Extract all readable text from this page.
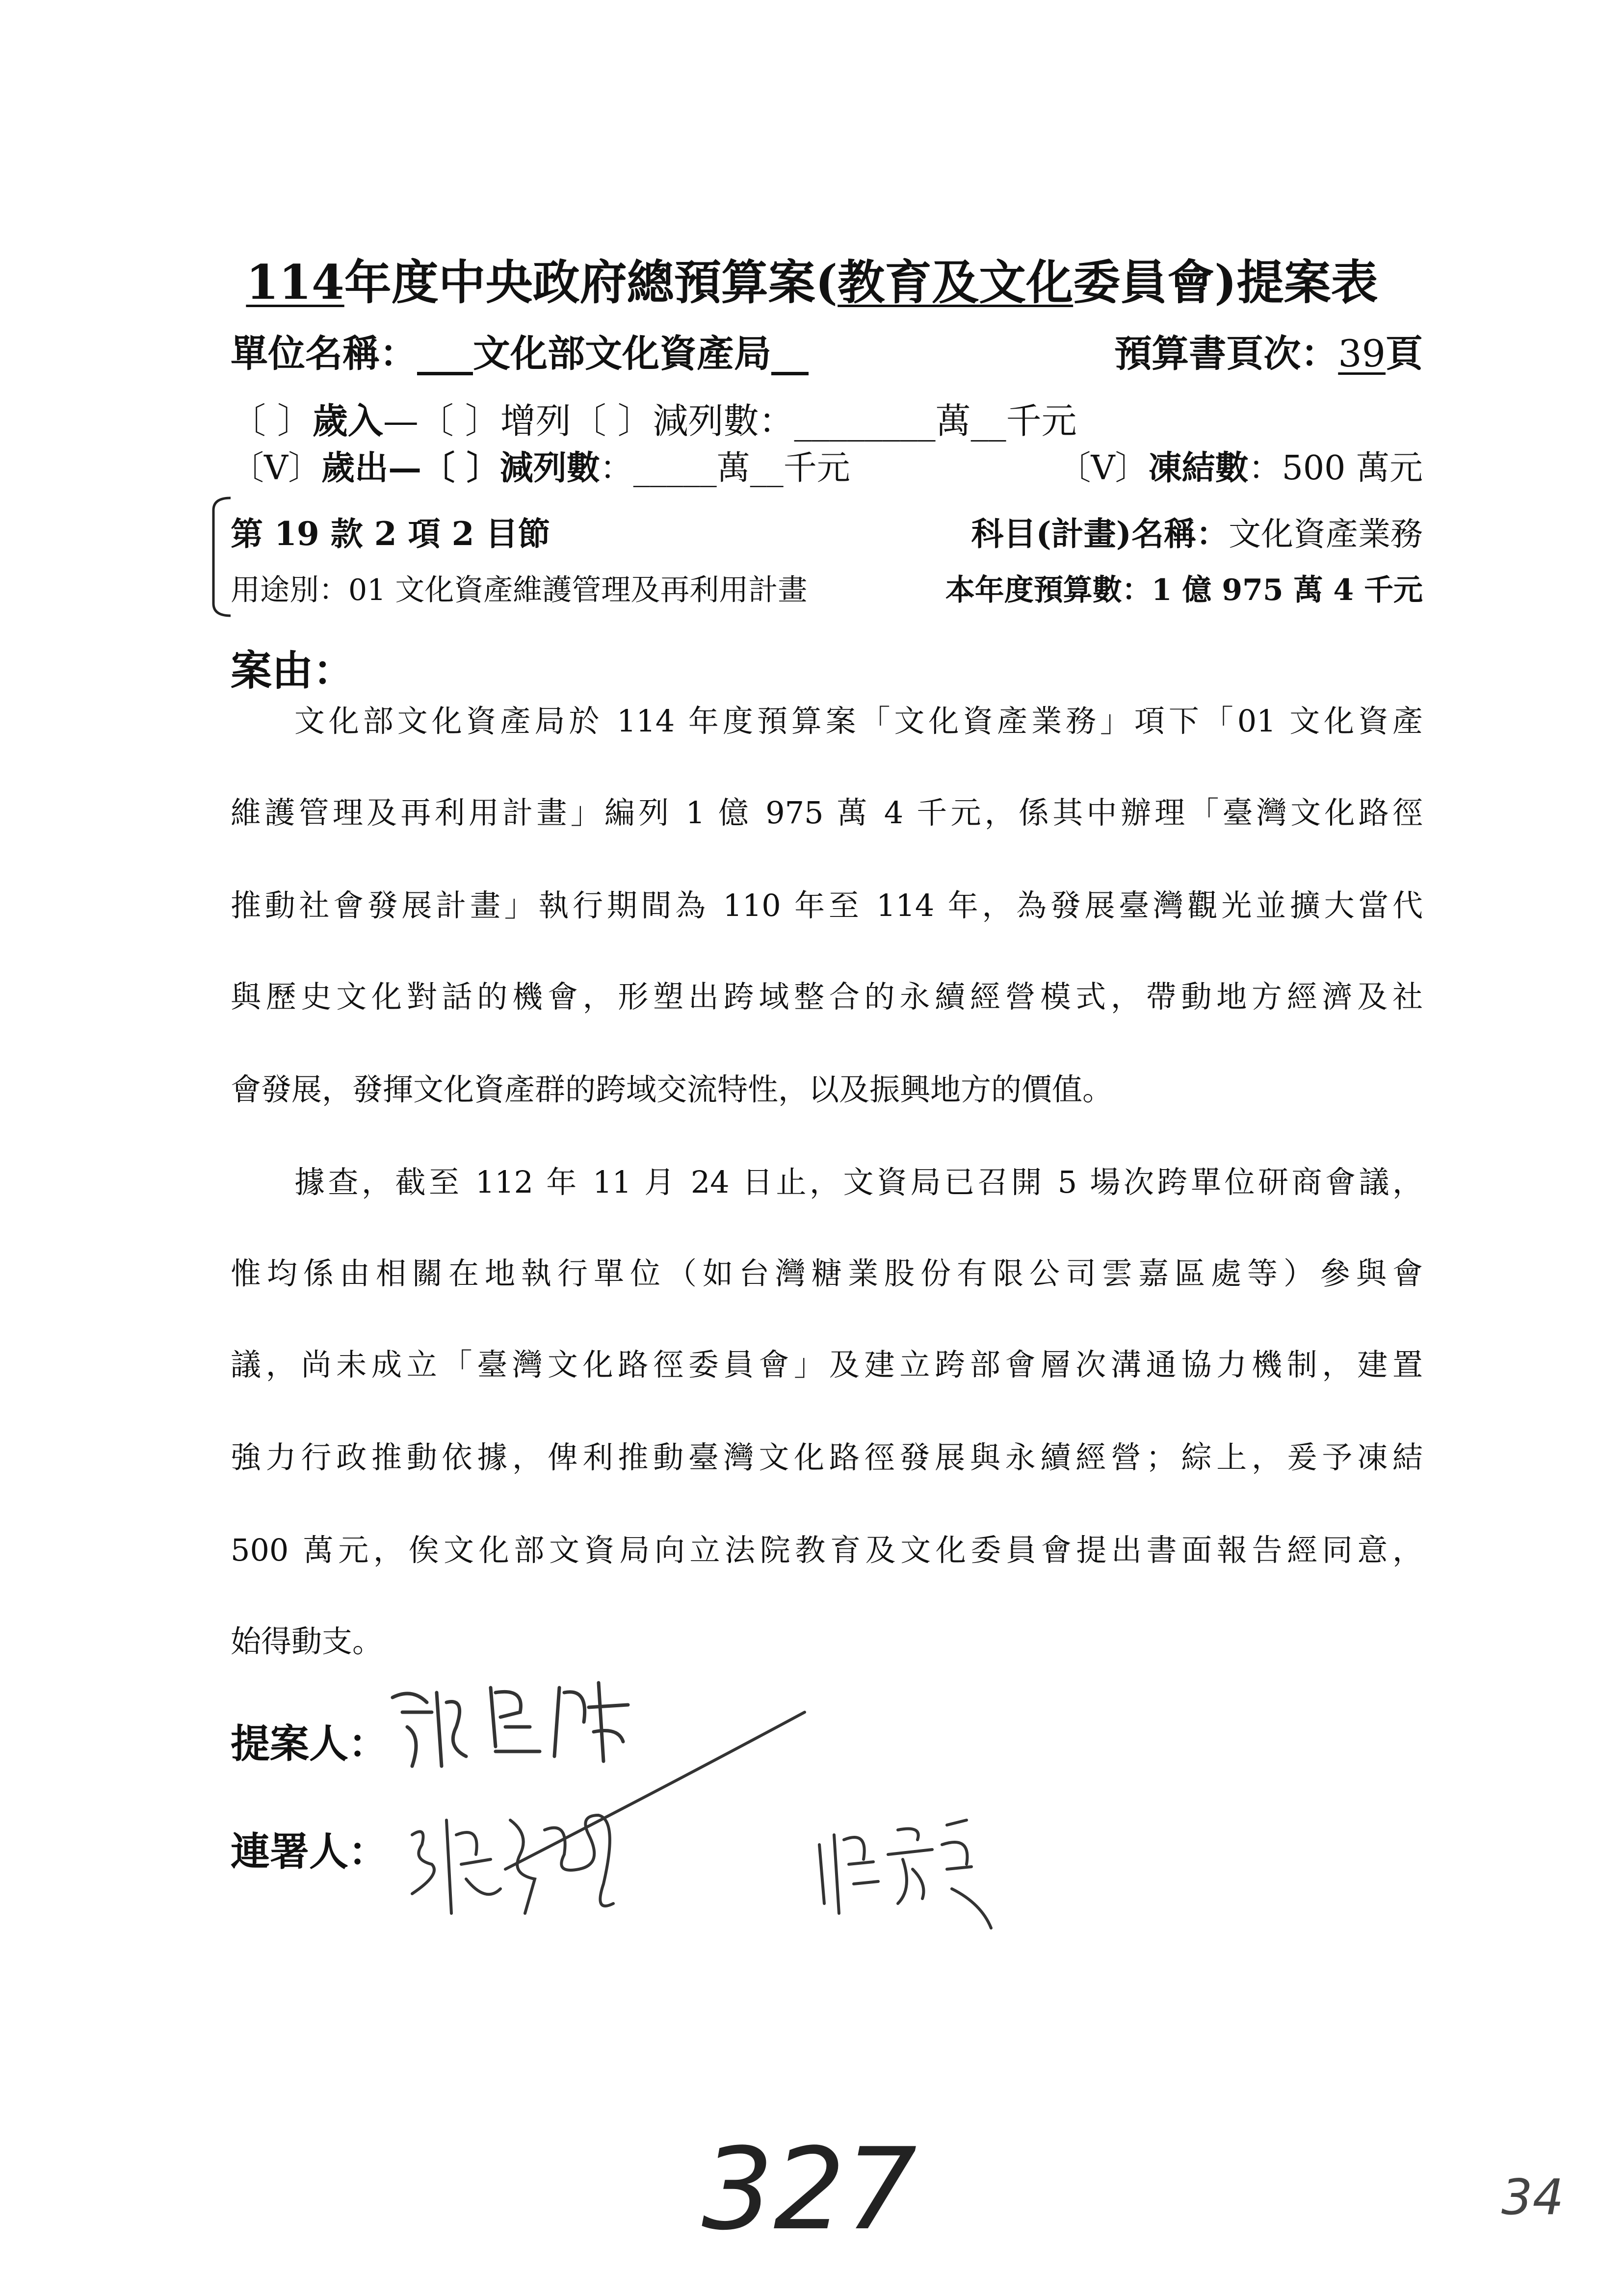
114年度中央政府總預算案(教育及文化委員會)提案表
單位名稱：___文化部文化資產局__	預算書頁次：39頁
〔 〕 歲入 —〔 〕增列〔 〕減列數：________萬__千元
〔V〕歲出—〔 〕減列數：_____萬__千元	〔V〕凍結數：500 萬元
第 19 款 2 項 2 目節	科目(計畫)名稱：文化資產業務
用途別：01 文化資產維護管理及再利用計畫	本年度預算數：1 億 975 萬 4 千元
案由：
文化部文化資產局於 114 年度預算案「文化資產業務」項下「01 文化資產
維護管理及再利用計畫」編列 1 億 975 萬 4 千元，係其中辦理「臺灣文化路徑
推動社會發展計畫」執行期間為 110 年至 114 年，為發展臺灣觀光並擴大當代
與歷史文化對話的機會，形塑出跨域整合的永續經營模式，帶動地方經濟及社
會發展，發揮文化資產群的跨域交流特性，以及振興地方的價值。
據查，截至 112 年 11 月 24 日止，文資局已召開 5 場次跨單位研商會議，
惟均係由相關在地執行單位（如台灣糖業股份有限公司雲嘉區處等）參與會
議，尚未成立「臺灣文化路徑委員會」及建立跨部會層次溝通協力機制，建置
強力行政推動依據，俾利推動臺灣文化路徑發展與永續經營；綜上，爰予凍結
500 萬元，俟文化部文資局向立法院教育及文化委員會提出書面報告經同意，
始得動支。
提案人：
連署人：
327	34
